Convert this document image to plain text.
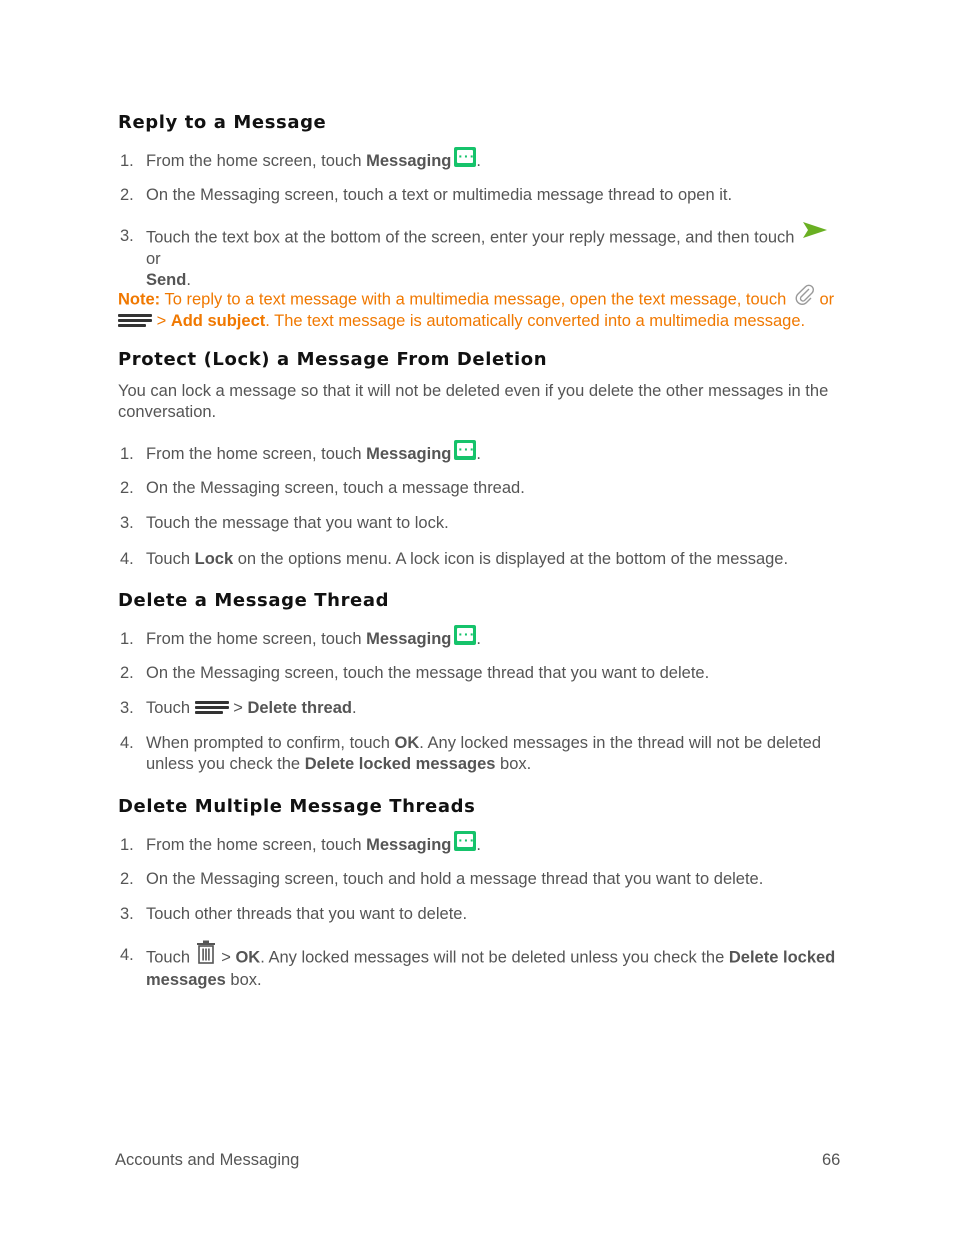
Reply to a Message
1. From the home screen, touch Messaging ··· .
2. On the Messaging screen, touch a text or multimedia message thread to open it.
3. Touch the text box at the bottom of the screen, enter your reply message, and then touch  or
Send.
Note: To reply to a text message with a multimedia message, open the text message, touch  or

> Add subject. The text message is automatically converted into a multimedia message.
Protect (Lock) a Message From Deletion

You can lock a message so that it will not be deleted even if you delete the other messages in the conversation.

1. From the home screen, touch Messaging ··· .
2. On the Messaging screen, touch a message thread.
3. Touch the message that you want to lock.
4. Touch Lock on the options menu. A lock icon is displayed at the bottom of the message.
Delete a Message Thread
1. From the home screen, touch Messaging ··· .
2. On the Messaging screen, touch the message thread that you want to delete.
3. Touch
> Delete thread.
4. When prompted to confirm, touch OK. Any locked messages in the thread will not be deleted unless you check the Delete locked messages box.
Delete Multiple Message Threads
1. From the home screen, touch Messaging ··· .
2. On the Messaging screen, touch and hold a message thread that you want to delete.
3. Touch other threads that you want to delete.
4. Touch  > OK. Any locked messages will not be deleted unless you check the Delete locked messages box.
Accounts and Messaging	66
